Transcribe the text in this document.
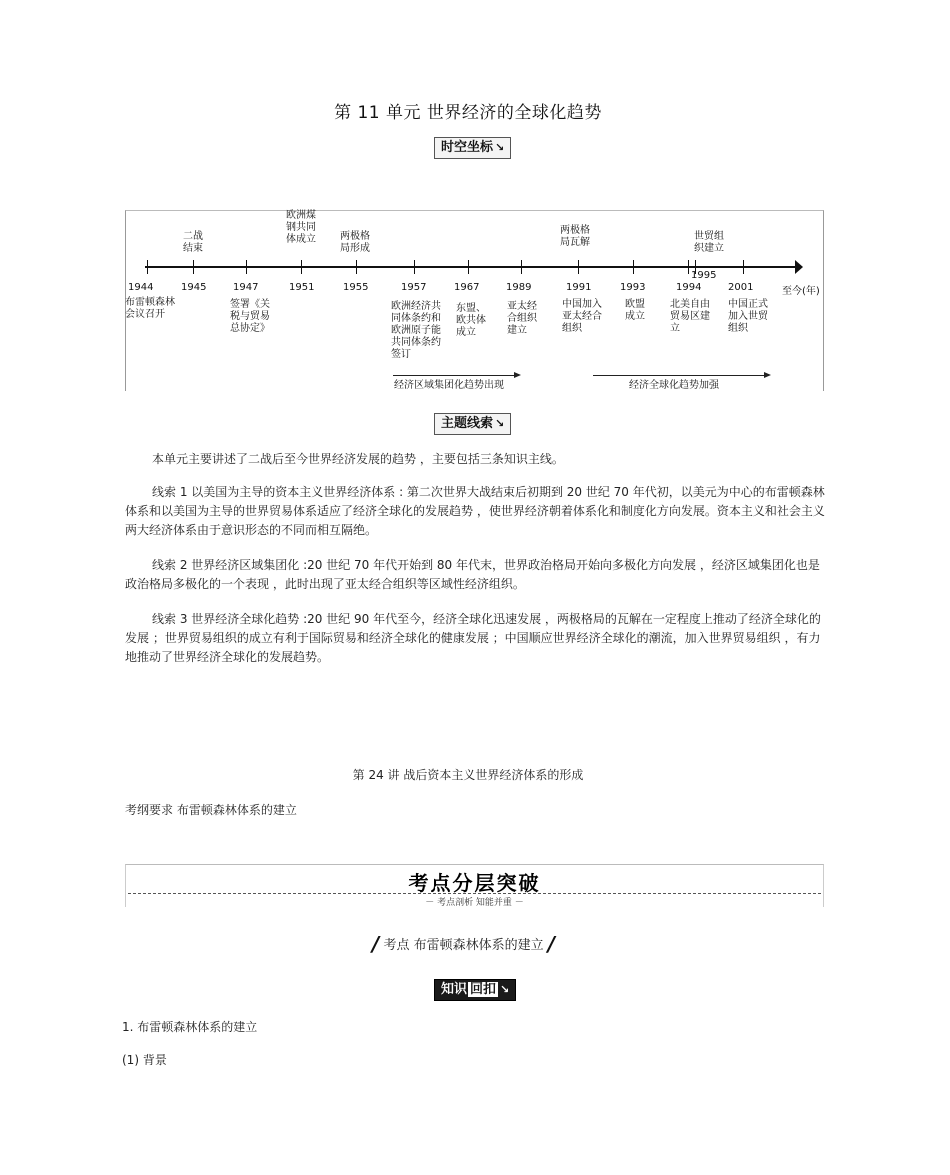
第 11 单元 世界经济的全球化趋势
时空坐标 ↘
二战
结束
欧洲煤
钢共同
体成立 两极格
局形成
两极格
局瓦解
世贸组
织建立
1944	1945	1947	1951	1955	1957	1967	1989	1991	1993	1994
1995
2001	至今(年)
布雷顿森林
会议召开
签署《关
税与贸易
总协定》
欧洲经济共
同体条约和
欧洲原子能
共同体条约
签订
东盟、
欧共体
成立
亚太经
合组织
建立
中国加入
亚太经合
组织
欧盟
成立
北美自由
贸易区建
立
中国正式
加入世贸
组织
经济区域集团化趋势出现	经济全球化趋势加强
主题线索 ↘

本单元主要讲述了二战后至今世界经济发展的趋势 ，主要包括三条知识主线。

线索 1 以美国为主导的资本主义世界经济体系 : 第二次世界大战结束后初期到 20 世纪 70 年代初，以美元为中心的布雷顿森林体系和以美国为主导的世界贸易体系适应了经济全球化的发展趋势 ，使世界经济朝着体系化和制度化方向发展。资本主义和社会主义两大经济体系由于意识形态的不同而相互隔绝。

线索 2 世界经济区域集团化 :20 世纪 70 年代开始到 80 年代末，世界政治格局开始向多极化方向发展 ，经济区域集团化也是政治格局多极化的一个表现 ，此时出现了亚太经合组织等区域性经济组织。

线索 3 世界经济全球化趋势 :20 世纪 90 年代至今，经济全球化迅速发展 ，两极格局的瓦解在一定程度上推动了经济全球化的发展 ；世界贸易组织的成立有利于国际贸易和经济全球化的健康发展 ；中国顺应世界经济全球化的潮流，加入世界贸易组织 ，有力地推动了世界经济全球化的发展趋势。

第 24 讲 战后资本主义世界经济体系的形成
考纲要求 布雷顿森林体系的建立
考点分层突破
－ 考点剖析 知能并重 －
/ 考点 布雷顿森林体系的建立 /
知识 回扣 ↘
1. 布雷顿森林体系的建立
(1) 背景
